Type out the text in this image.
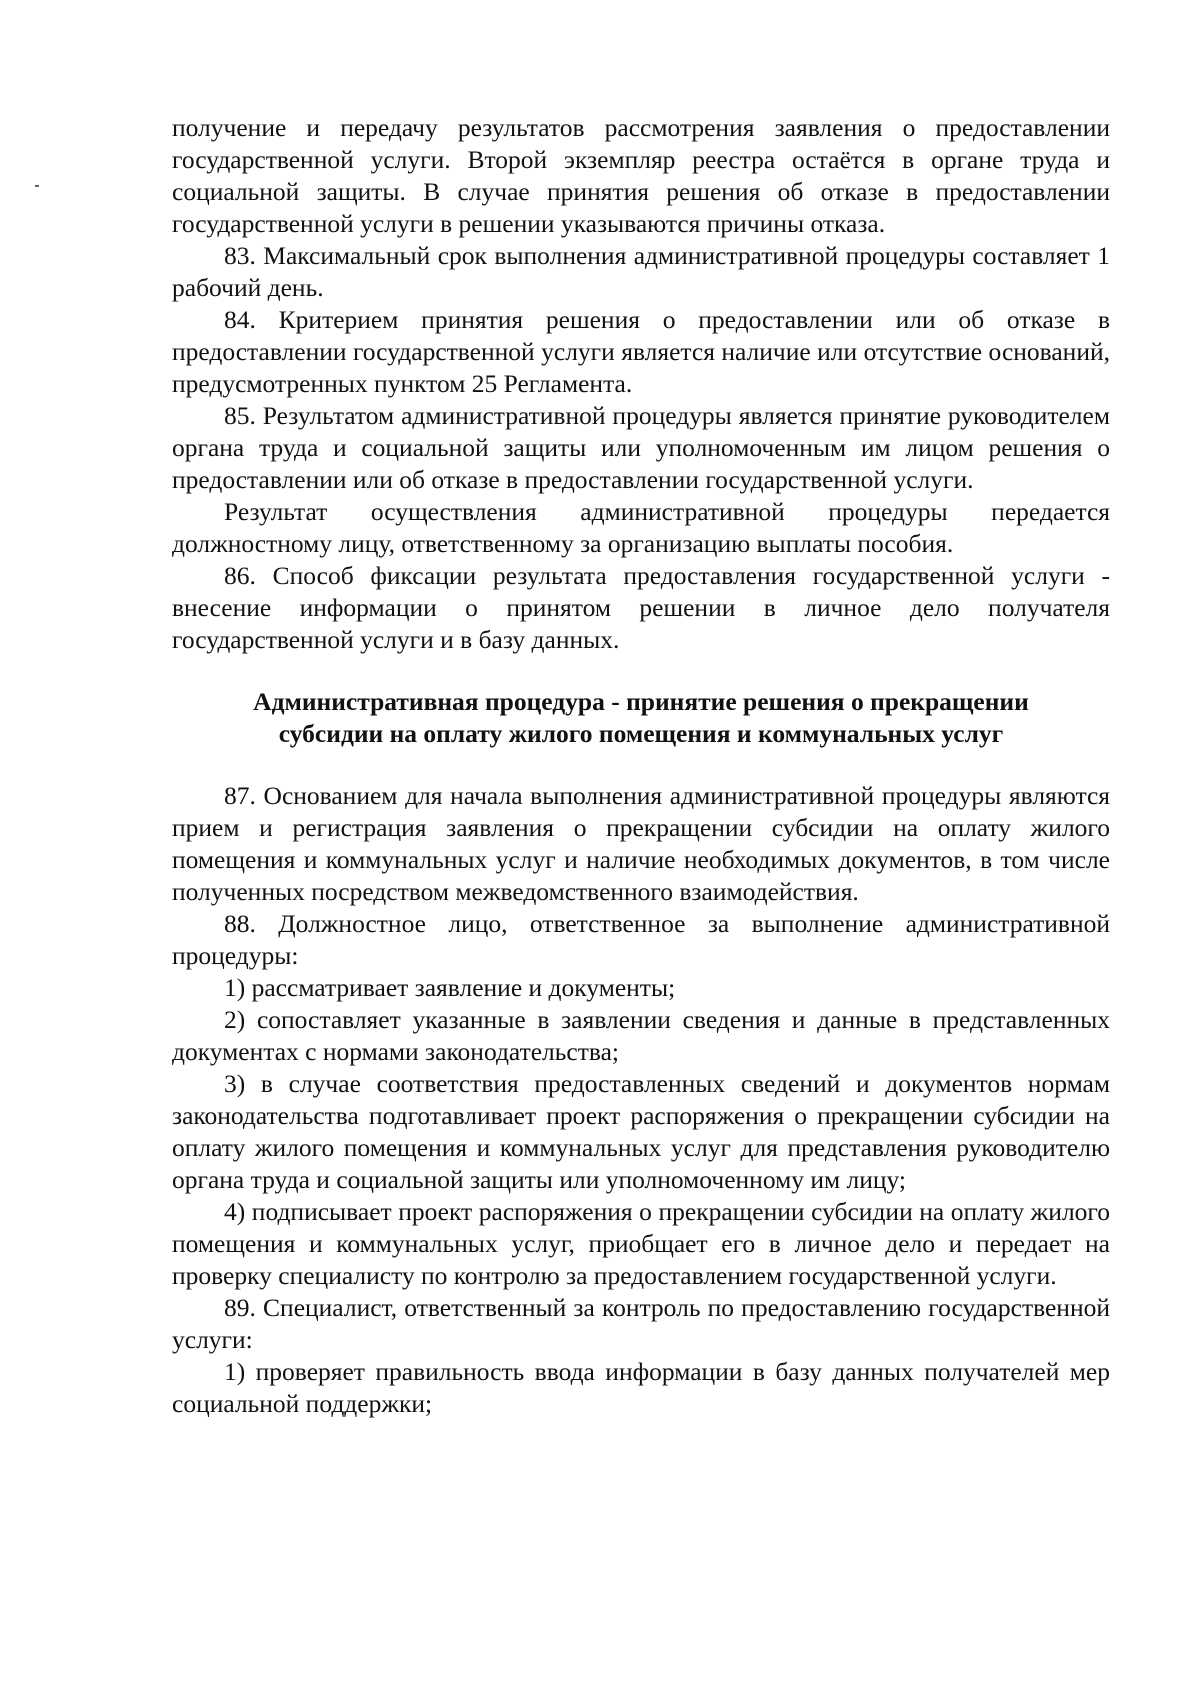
получение и передачу результатов рассмотрения заявления о предоставлении государственной услуги. Второй экземпляр реестра остаётся в органе труда и социальной защиты. В случае принятия решения об отказе в предоставлении государственной услуги в решении указываются причины отказа.

83. Максимальный срок выполнения административной процедуры составляет 1 рабочий день.

84. Критерием принятия решения о предоставлении или об отказе в предоставлении государственной услуги является наличие или отсутствие оснований, предусмотренных пунктом 25 Регламента.

85. Результатом административной процедуры является принятие руководителем органа труда и социальной защиты или уполномоченным им лицом решения о предоставлении или об отказе в предоставлении государственной услуги.

Результат осуществления административной процедуры передается должностному лицу, ответственному за организацию выплаты пособия.

86. Способ фиксации результата предоставления государственной услуги - внесение информации о принятом решении в личное дело получателя государственной услуги и в базу данных.

Административная процедура - принятие решения о прекращении
субсидии на оплату жилого помещения и коммунальных услуг

87. Основанием для начала выполнения административной процедуры являются прием и регистрация заявления о прекращении субсидии на оплату жилого помещения и коммунальных услуг и наличие необходимых документов, в том числе полученных посредством межведомственного взаимодействия.

88. Должностное лицо, ответственное за выполнение административной процедуры:

1) рассматривает заявление и документы;

2) сопоставляет указанные в заявлении сведения и данные в представленных документах с нормами законодательства;

3) в случае соответствия предоставленных сведений и документов нормам законодательства подготавливает проект распоряжения о прекращении субсидии на оплату жилого помещения и коммунальных услуг для представления руководителю органа труда и социальной защиты или уполномоченному им лицу;

4) подписывает проект распоряжения о прекращении субсидии на оплату жилого помещения и коммунальных услуг, приобщает его в личное дело и передает на проверку специалисту по контролю за предоставлением государственной услуги.

89. Специалист, ответственный за контроль по предоставлению государственной услуги:

1) проверяет правильность ввода информации в базу данных получателей мер социальной поддержки;
